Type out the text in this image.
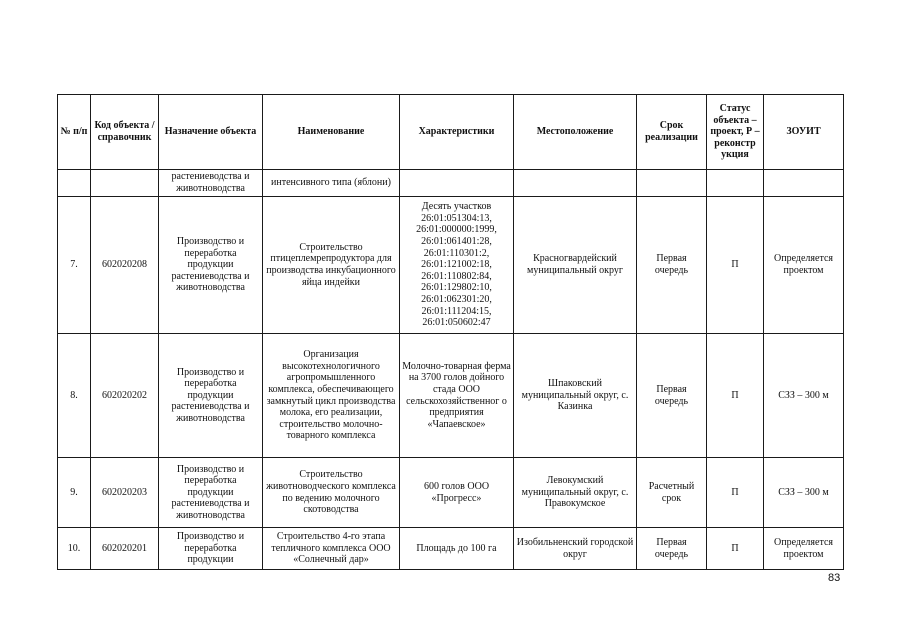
№ п/п	Код объекта / справочник	Назначение объекта	Наименование	Характеристики	Местоположение	Срок реализации	Статус объекта – проект, Р – реконстр укция	ЗОУИТ
		растениеводства и животноводства	интенсивного типа (яблони)					
7.	602020208	Производство и переработка продукции растениеводства и животноводства	Строительство птицеплемрепродуктора для производства инкубационного яйца индейки	Десять участков 26:01:051304:13, 26:01:000000:1999, 26:01:061401:28, 26:01:110301:2, 26:01:121002:18, 26:01:110802:84, 26:01:129802:10, 26:01:062301:20, 26:01:111204:15, 26:01:050602:47	Красногвардейский муниципальный округ	Первая очередь	П	Определяется проектом
8.	602020202	Производство и переработка продукции растениеводства и животноводства	Организация высокотехнологичного агропромышленного комплекса, обеспечивающего замкнутый цикл производства молока, его реализации, строительство молочно- товарного комплекса	Молочно-товарная ферма на 3700 голов дойного стада ООО сельскохозяйственног о предприятия «Чапаевское»	Шпаковский муниципальный округ, с. Казинка	Первая очередь	П	СЗЗ – 300 м
9.	602020203	Производство и переработка продукции растениеводства и животноводства	Строительство животноводческого комплекса по ведению молочного скотоводства	600 голов ООО «Прогресс»	Левокумский муниципальный округ, с. Правокумское	Расчетный срок	П	СЗЗ – 300 м
10.	602020201	Производство и переработка продукции	Строительство 4-го этапа тепличного комплекса ООО «Солнечный дар»	Площадь до 100 га	Изобильненский городской округ	Первая очередь	П	Определяется проектом
83
